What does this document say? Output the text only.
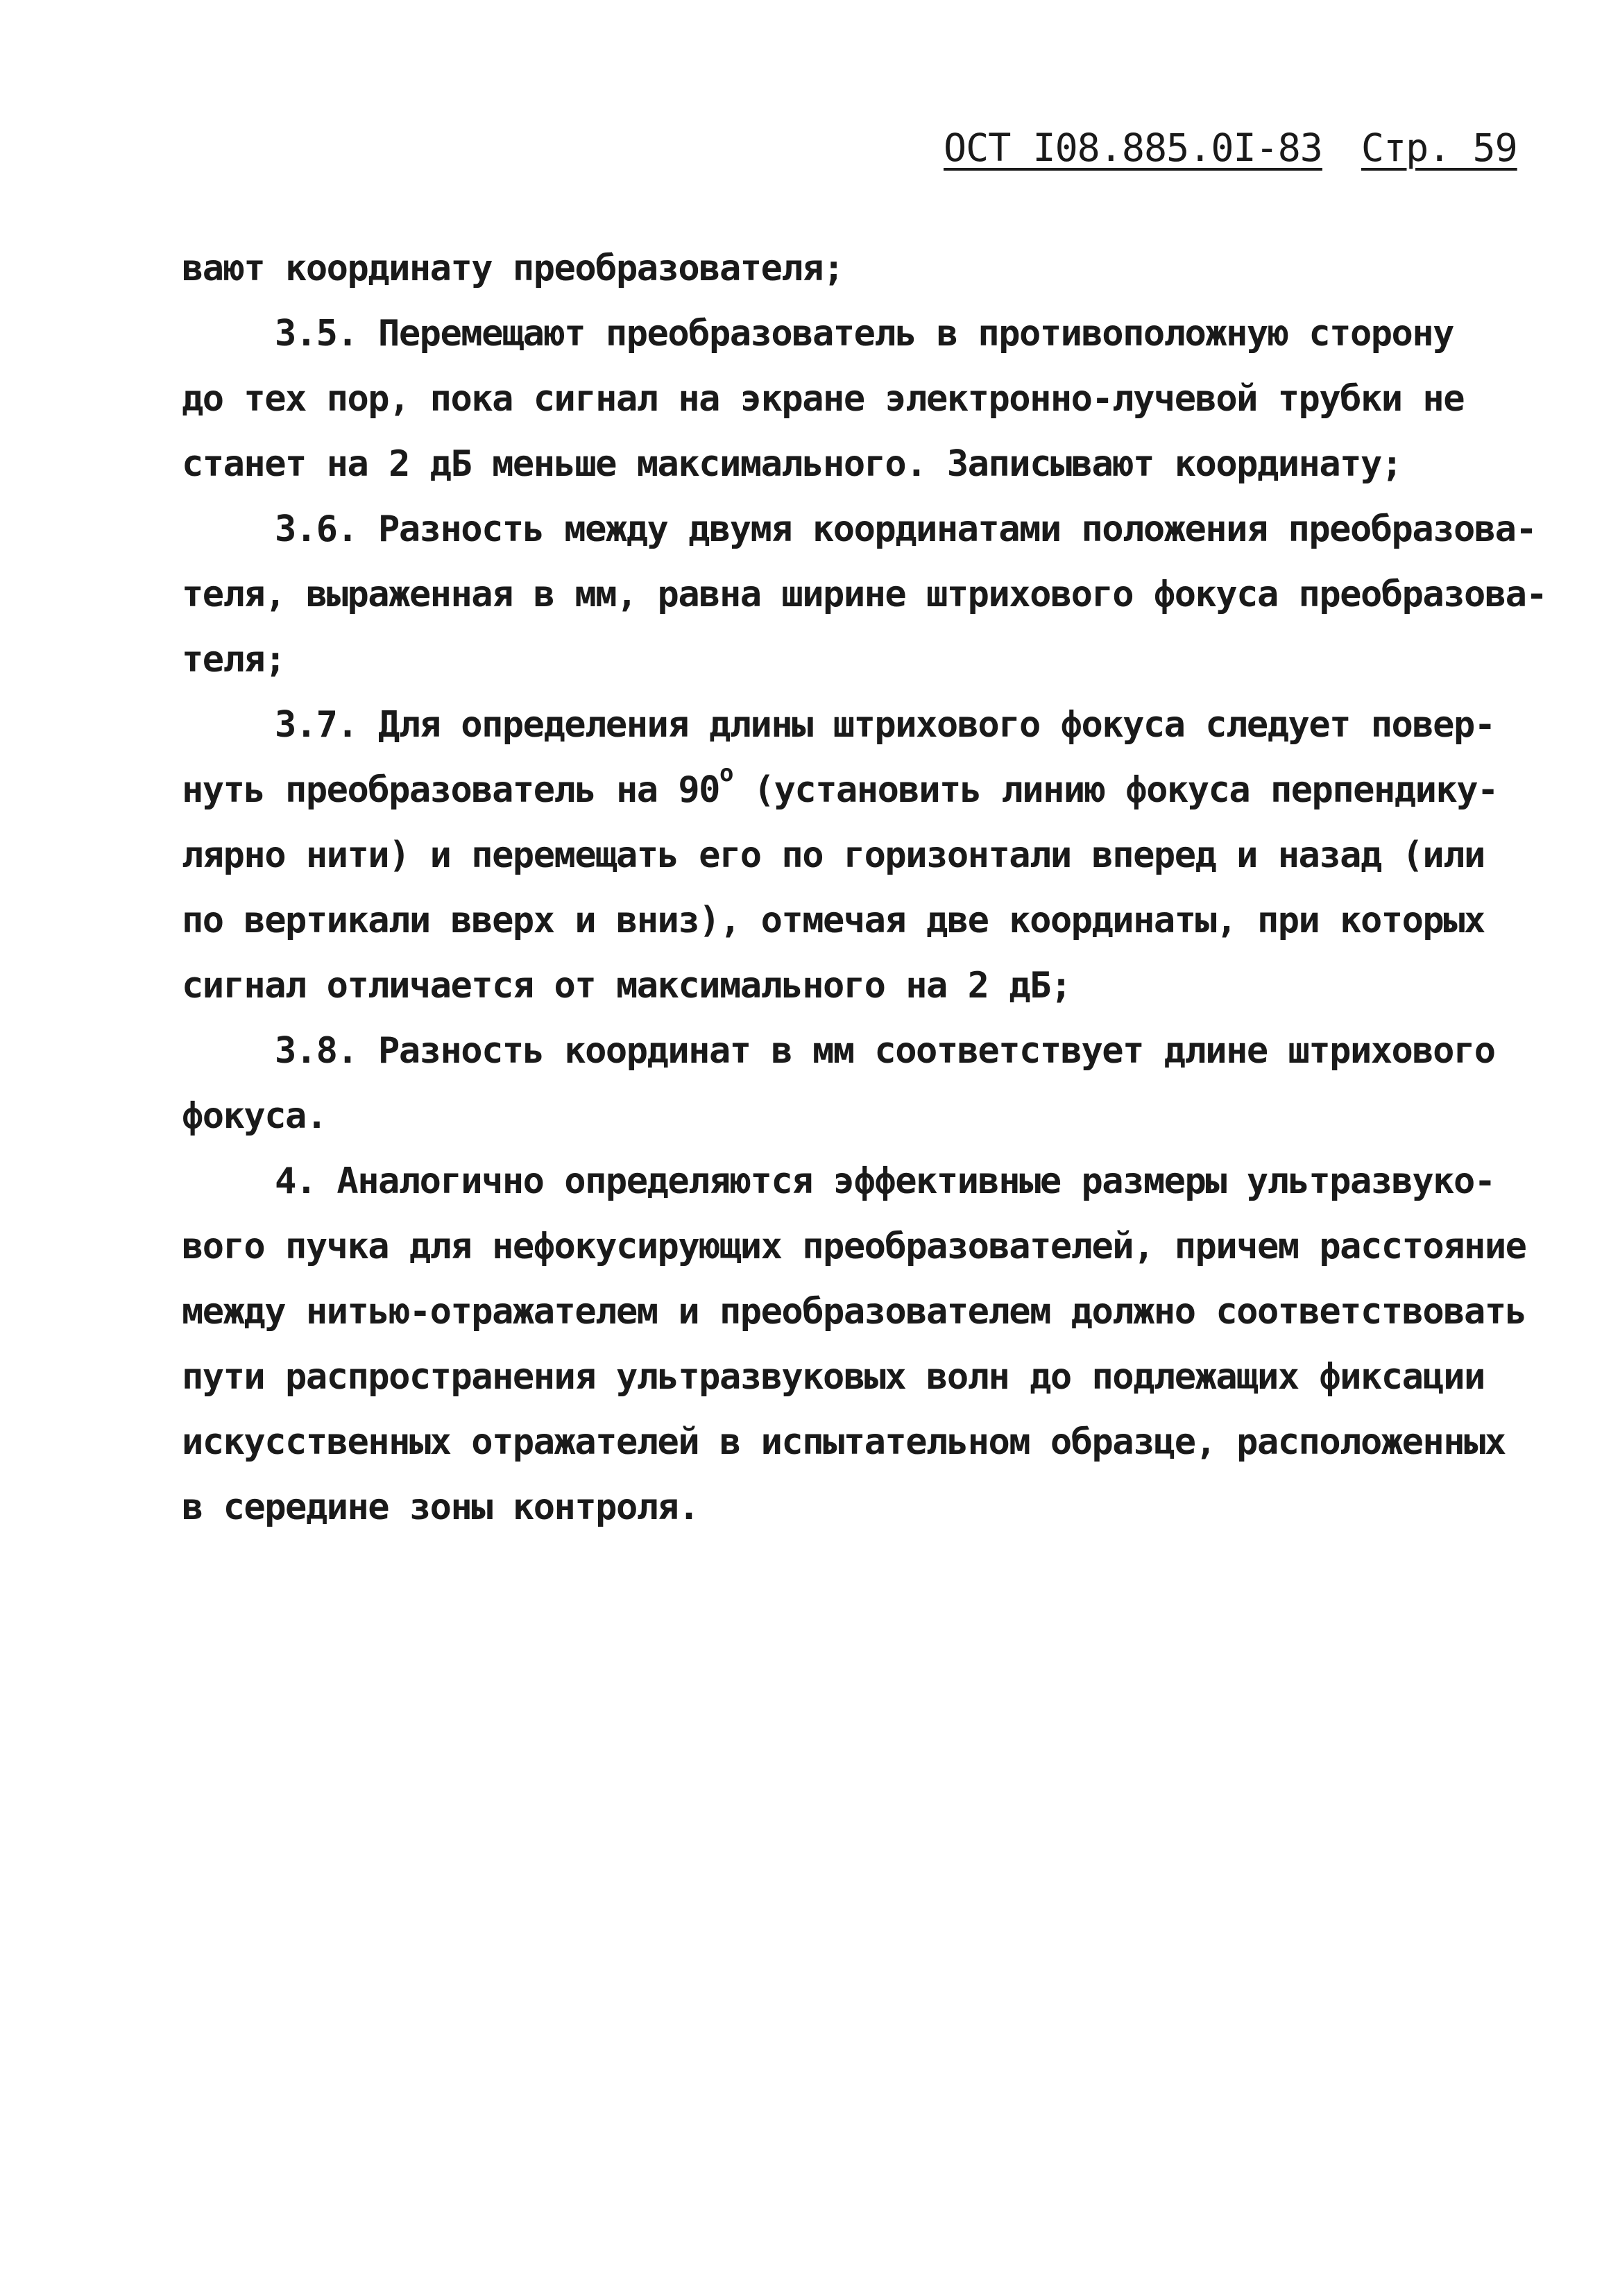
ОСТ I08.885.0I-83 Стр. 59
вают координату преобразователя;
3.5. Перемещают преобразователь в противоположную сторону
до тех пор, пока сигнал на экране электронно-лучевой трубки не
станет на 2 дБ меньше максимального. Записывают координату;
3.6. Разность между двумя координатами положения преобразова-
теля, выраженная в мм, равна ширине штрихового фокуса преобразова-
теля;
3.7. Для определения длины штрихового фокуса следует повер-
нуть преобразователь на $90^о$ (установить линию фокуса перпендику-
лярно нити) и перемещать его по горизонтали вперед и назад (или
по вертикали вверх и вниз), отмечая две координаты, при которых
сигнал отличается от максимального на 2 дБ;
3.8. Разность координат в мм соответствует длине штрихового
фокуса.
4. Аналогично определяются эффективные размеры ультразвуко-
вого пучка для нефокусирующих преобразователей, причем расстояние
между нитью-отражателем и преобразователем должно соответствовать
пути распространения ультразвуковых волн до подлежащих фиксации
искусственных отражателей в испытательном образце, расположенных
в середине зоны контроля.
